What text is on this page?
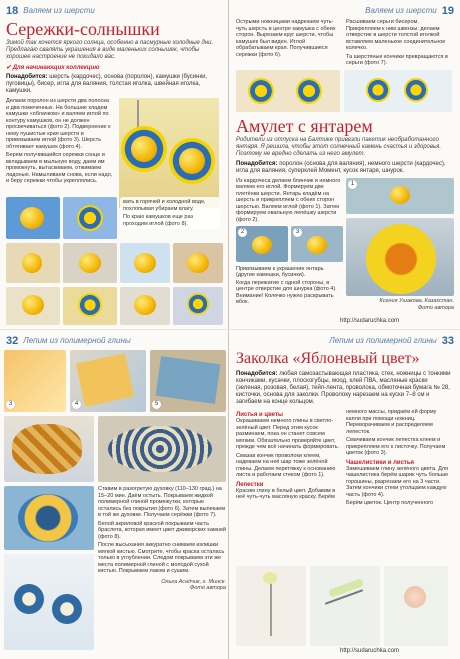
18 Валяем из шерсти
Сережки-солнышки
Зимой так хочется яркого солнца, особенно в пасмурные холодные дни. Предлагаю свалять украшения в виде маленьких солнышек, чтобы хорошее настроение не покидало вас.
✔ Для начинающих коллекцию
Понадобится: шерсть (кардочес), основа (поролон), камушки (бусинки, пуговицы), бисер, игла для валяния, толстая иголка, швейная иголка, камушки.

Делаем поролон из шерсти два полоска и два помеченных. На большие кладем камушки «облачком» и валяем иглой по контуру камушков, он не должен просвечиваться (фото 2). Подвернение к нему пушистые края шерсти и привязываем иглой (фото 3). Шерсть обтягивает камушек (фото 4).

Берем получившийся сережки сонце и вкладываем в мыльную воду, даем им промокнуть, вытаскиваем, отжимаем ладонью. Намыливаем снова, если надо, и беру сережки чтобы укреплялись.

вать в горячей и холодной воде, похлопывая убираем влагу.
По краю камушков еще раз проходим иглой (фото 8).
Валяем из шерсти 19
Острыми ножницами надрезаем чуть-чуть шерсть в центре камушка с обеих сторон. Вырезаем круг шерсти, чтобы камушек был виден. Иглой обрабатываем края. Получившиеся сережки (фото 6).
Расшиваем серьги бисером. Прикрепляем к ним швензы: делаем отверстие в шерсти толстой иголкой вставляем маленькое соединительное колечко.
Та шерстяные кончики превращаются в серьги (фото 7).
Амулет с янтарем
Родители из отпуска на Балтике привезли пакетик необработанного янтаря. Я решила, чтобы этот солнечный камень счастья и здоровья. Поэтому не вредно сделать из него амулет.
Понадобится: поролон (основа для валяния), немного шерсти (кардочес), игла для валяния, суперклей Момент, кусок янтаря, шнурок.
1
Из кардочеса делаем блинчик и немного валяем его иглой. Формируем две плетёнки шерсти. Янтарь кладём на шерсть и прикрепляем с обеих сторон шерстью. Валяем иглой (фото 1). Затем формируем овальную лепёшку шерсти (фото 2).
2	3
Привязываем к украшение янтарь (другие камешки, бусинки).
Когда пережатие с одной стороны, в центре отверстие для шнурка (фото 4). Внимание! Колечко нужно раскрывать вбок.	Ксения Ушакова, Казахстан.
Фото автора
http://sudaruchka.com
32 Лепим из полимерной глины
3	4	5
Ставим в разогретую духовку (110–130 град.) на 15–20 мин. Даём остыть. Покрываем жидкой полимерной глиной промежутки, которые остались без покрытия (фото 6). Затем выпекаем в той же духовке. Получаем серёжки (фото 7).
Белой акриловой краской покрываем часть браслета, которая имеет цвет дживорских камней (фото 8).
После высыхания аккуратно снимаем излишки мягкой кистью. Смотрите, чтобы краска осталась только в углублении. Следом покрываем эти же места полимерной глиной с молодой сухой кистью. Покрываем лаком и сушим.
Ольга Асадчик, г. Минск.
Фото автора
Лепим из полимерной глины 33
Заколка «Яблоневый цвет»
Понадобится: любая самозастывающая пластика, стек, ножницы с тонкими кончиками, кусачки, плоскогубцы, моод, клей ПВА, масляные краски (зеленая, розовая, белая), тейп-лента, проволока, обмоточная бумага № 28, кисточки, основа для заколки. Проволоку нарезаем на куски 7–8 см и загибаем на конце кольцом.
Листья и цветы
Окрашиваем немного глины в светло-зелёный цвет. Перед этим кусок разминаем, пока он станет совсем мягким. Обязательно проверяйте цвет, прежде чем всё начинать формировать.
Смазав кончик проволоки клеем, надеваем на неё шар тоже зелёной глины. Делаем перетяжку к основанию листа и работаем стеком (фото 1).
Лепестки
Красим глину в белый цвет. Добавим в неё чуть-чуть масляную краску. Берём
немного массы, придаём ей форму капли при помощи ножниц. Переворачиваем и распределяем лепесток.
Смачиваем кончик лепестка клеем и прикрепляем его к листочку. Получаем цветок (фото 3).
Чашелистики и листья
Замешиваем глину зелёного цвета. Для чашелистика берём шарик чуть больше горошины, разрезаем его на 3 части. Затем кончики стеки утолщаем каждую часть (фото 4).
Берём цветок. Центр полученного
http://sudaruchka.com
